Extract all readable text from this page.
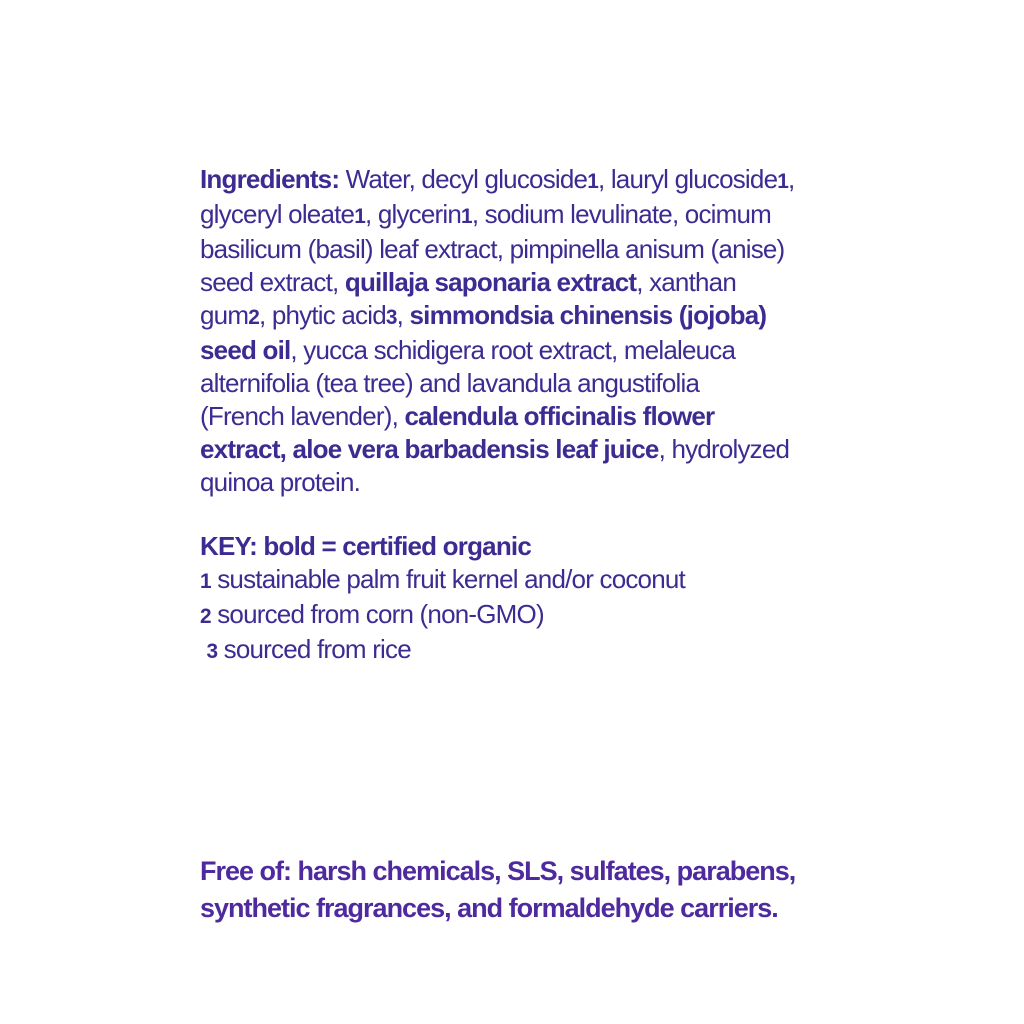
Ingredients: Water, decyl glucoside1, lauryl glucoside1,
glyceryl oleate1, glycerin1, sodium levulinate, ocimum
basilicum (basil) leaf extract, pimpinella anisum (anise)
seed extract, quillaja saponaria extract, xanthan
gum2, phytic acid3, simmondsia chinensis (jojoba)
seed oil, yucca schidigera root extract, melaleuca
alternifolia (tea tree) and lavandula angustifolia
(French lavender), calendula officinalis flower
extract, aloe vera barbadensis leaf juice, hydrolyzed
quinoa protein.
KEY: bold = certified organic
1 sustainable palm fruit kernel and/or coconut
2 sourced from corn (non-GMO)
3 sourced from rice
Free of: harsh chemicals, SLS, sulfates, parabens,
synthetic fragrances, and formaldehyde carriers.
